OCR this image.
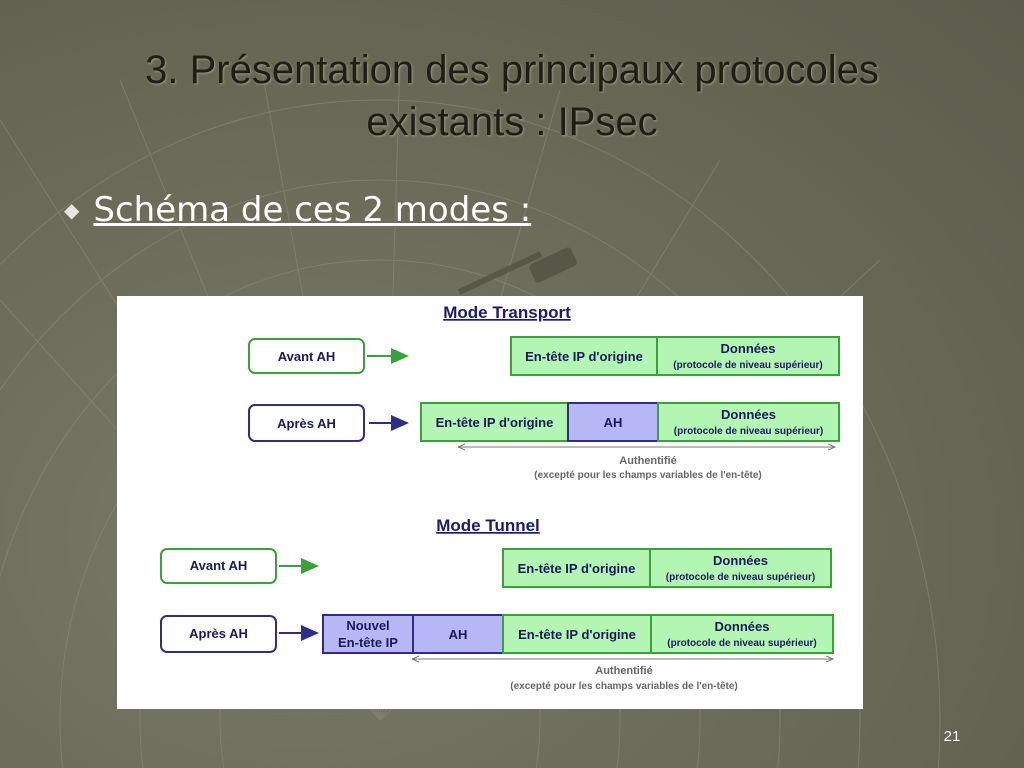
3. Présentation des principaux protocoles
existants : IPsec
◆ Schéma de ces 2 modes :
Mode Transport
Avant AH	En-tête IP d'origine
Données
(protocole de niveau supérieur)
Après AH	En-tête IP d'origine	AH
Données
(protocole de niveau supérieur)
Authentifié
(excepté pour les champs variables de l'en-tête)
Mode Tunnel
Avant AH	En-tête IP d'origine
Données
(protocole de niveau supérieur)
Après AH
Nouvel
En-tête IP
AH	En-tête IP d'origine
Données
(protocole de niveau supérieur)
Authentifié
(excepté pour les champs variables de l'en-tête)
21
